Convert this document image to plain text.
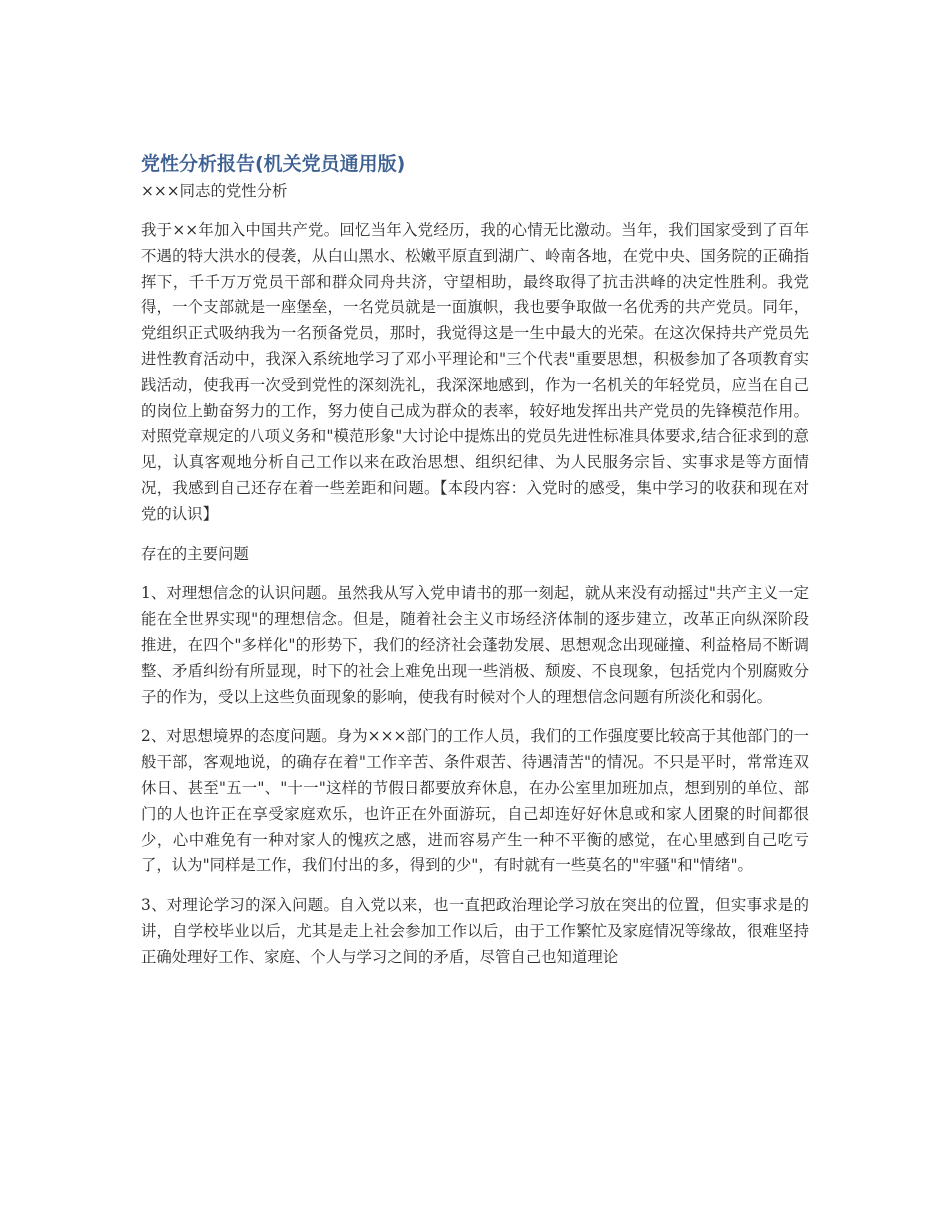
党性分析报告(机关党员通用版)

×××同志的党性分析

我于××年加入中国共产党。回忆当年入党经历，我的心情无比激动。当年，我们国家受到了百年不遇的特大洪水的侵袭，从白山黑水、松嫩平原直到湖广、岭南各地，在党中央、国务院的正确指挥下，千千万万党员干部和群众同舟共济，守望相助，最终取得了抗击洪峰的决定性胜利。我党得，一个支部就是一座堡垒，一名党员就是一面旗帜，我也要争取做一名优秀的共产党员。同年，党组织正式吸纳我为一名预备党员，那时，我觉得这是一生中最大的光荣。在这次保持共产党员先进性教育活动中，我深入系统地学习了邓小平理论和"三个代表"重要思想，积极参加了各项教育实践活动，使我再一次受到党性的深刻洗礼，我深深地感到，作为一名机关的年轻党员，应当在自己的岗位上勤奋努力的工作，努力使自己成为群众的表率，较好地发挥出共产党员的先锋模范作用。对照党章规定的八项义务和"模范形象"大讨论中提炼出的党员先进性标准具体要求,结合征求到的意见，认真客观地分析自己工作以来在政治思想、组织纪律、为人民服务宗旨、实事求是等方面情况，我感到自己还存在着一些差距和问题。【本段内容：入党时的感受，集中学习的收获和现在对党的认识】

存在的主要问题

1、对理想信念的认识问题。虽然我从写入党申请书的那一刻起，就从来没有动摇过"共产主义一定能在全世界实现"的理想信念。但是，随着社会主义市场经济体制的逐步建立，改革正向纵深阶段推进，在四个"多样化"的形势下，我们的经济社会蓬勃发展、思想观念出现碰撞、利益格局不断调整、矛盾纠纷有所显现，时下的社会上难免出现一些消极、颓废、不良现象，包括党内个别腐败分子的作为，受以上这些负面现象的影响，使我有时候对个人的理想信念问题有所淡化和弱化。

2、对思想境界的态度问题。身为×××部门的工作人员，我们的工作强度要比较高于其他部门的一般干部，客观地说，的确存在着"工作辛苦、条件艰苦、待遇清苦"的情况。不只是平时，常常连双休日、甚至"五一"、"十一"这样的节假日都要放弃休息，在办公室里加班加点，想到别的单位、部门的人也许正在享受家庭欢乐，也许正在外面游玩，自己却连好好休息或和家人团聚的时间都很少，心中难免有一种对家人的愧疚之感，进而容易产生一种不平衡的感觉，在心里感到自己吃亏了，认为"同样是工作，我们付出的多，得到的少"，有时就有一些莫名的"牢骚"和"情绪"。

3、对理论学习的深入问题。自入党以来，也一直把政治理论学习放在突出的位置，但实事求是的讲，自学校毕业以后，尤其是走上社会参加工作以后，由于工作繁忙及家庭情况等缘故，很难坚持正确处理好工作、家庭、个人与学习之间的矛盾，尽管自己也知道理论
